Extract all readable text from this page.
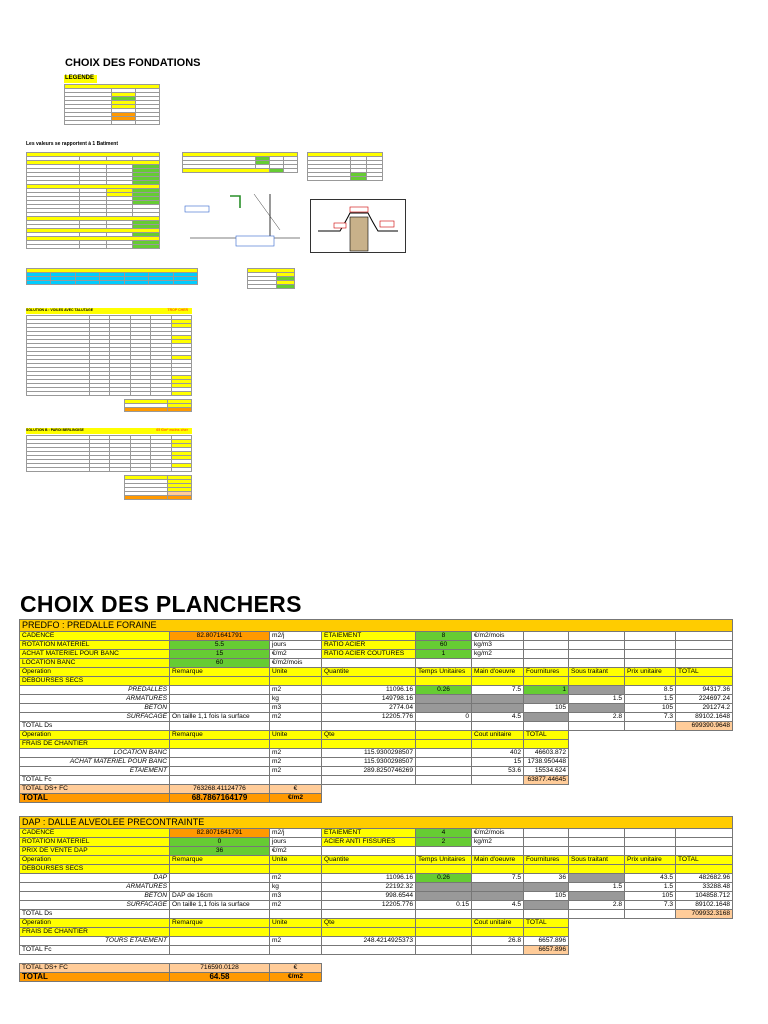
CHOIX DES FONDATIONS
LEGENDE

Les valeurs se rapportent à 1 Batiment

SOLUTION A : VOILES AVEC TALUTAGE	TROP CHER

SOLUTION B : PAROI BERLINOISE	65 €/m² moins cher

CHOIX DES PLANCHERS
PREDFO : PREDALLE FORAINE									
CADENCE	82.8071641791	m2/j	ETAIEMENT	8	€/m2/mois				
ROTATION MATERIEL	5.5	jours	RATIO ACIER	60	kg/m3				
ACHAT MATERIEL POUR BANC	15	€/m2	RATIO ACIER COUTURES	1	kg/m2				
LOCATION BANC	60	€/m2/mois							
Operation	Remarque	Unite	Quantite	Temps Unitaires	Main d'oeuvre	Fournitures	Sous traitant	Prix unitaire	TOTAL
DEBOURSES SECS									
PREDALLES		m2	11096.16	0.26	7.5	1		8.5	94317.36
ARMATURES		kg	149798.16				1.5	1.5	224697.24
BETON		m3	2774.04			105		105	291274.2
SURFACAGE	On taille 1,1 fois la surface	m2	12205.776	0	4.5		2.8	7.3	89102.1648
TOTAL Ds									699390.9648
Operation	Remarque	Unite	Qte		Cout unitaire	TOTAL			
FRAIS DE CHANTIER									
LOCATION BANC		m2	115.9300298507		402	46603.872			
ACHAT MATERIEL POUR BANC		m2	115.9300298507		15	1738.950448			
ETAIEMENT		m2	289.8250746269		53.6	15534.624			
TOTAL Fc						63877.44645			
TOTAL DS+ FC	763268.41124776	€							
TOTAL	68.7867164179	€/m2							
DAP : DALLE ALVEOLEE PRECONTRAINTE									
CADENCE	82.8071641791	m2/j	ETAIEMENT	4	€/m2/mois				
ROTATION MATERIEL	0	jours	ACIER ANTI FISSURES	2	kg/m2				
PRIX DE VENTE DAP	36	€/m2							
Operation	Remarque	Unite	Quantite	Temps Unitaires	Main d'oeuvre	Fournitures	Sous traitant	Prix unitaire	TOTAL
DEBOURSES SECS									
DAP		m2	11096.16	0.26	7.5	36		43.5	482682.96
ARMATURES		kg	22192.32				1.5	1.5	33288.48
BETON	DAP de 16cm	m3	998.6544			105		105	104858.712
SURFACAGE	On taille 1,1 fois la surface	m2	12205.776	0.15	4.5		2.8	7.3	89102.1648
TOTAL Ds									709932.3168
Operation	Remarque	Unite	Qte		Cout unitaire	TOTAL			
FRAIS DE CHANTIER									
TOURS ETAIEMENT		m2	248.4214925373		26.8	6657.896			
TOTAL Fc						6657.896			

TOTAL DS+ FC	716590.0128	€							
TOTAL	64.58	€/m2							
